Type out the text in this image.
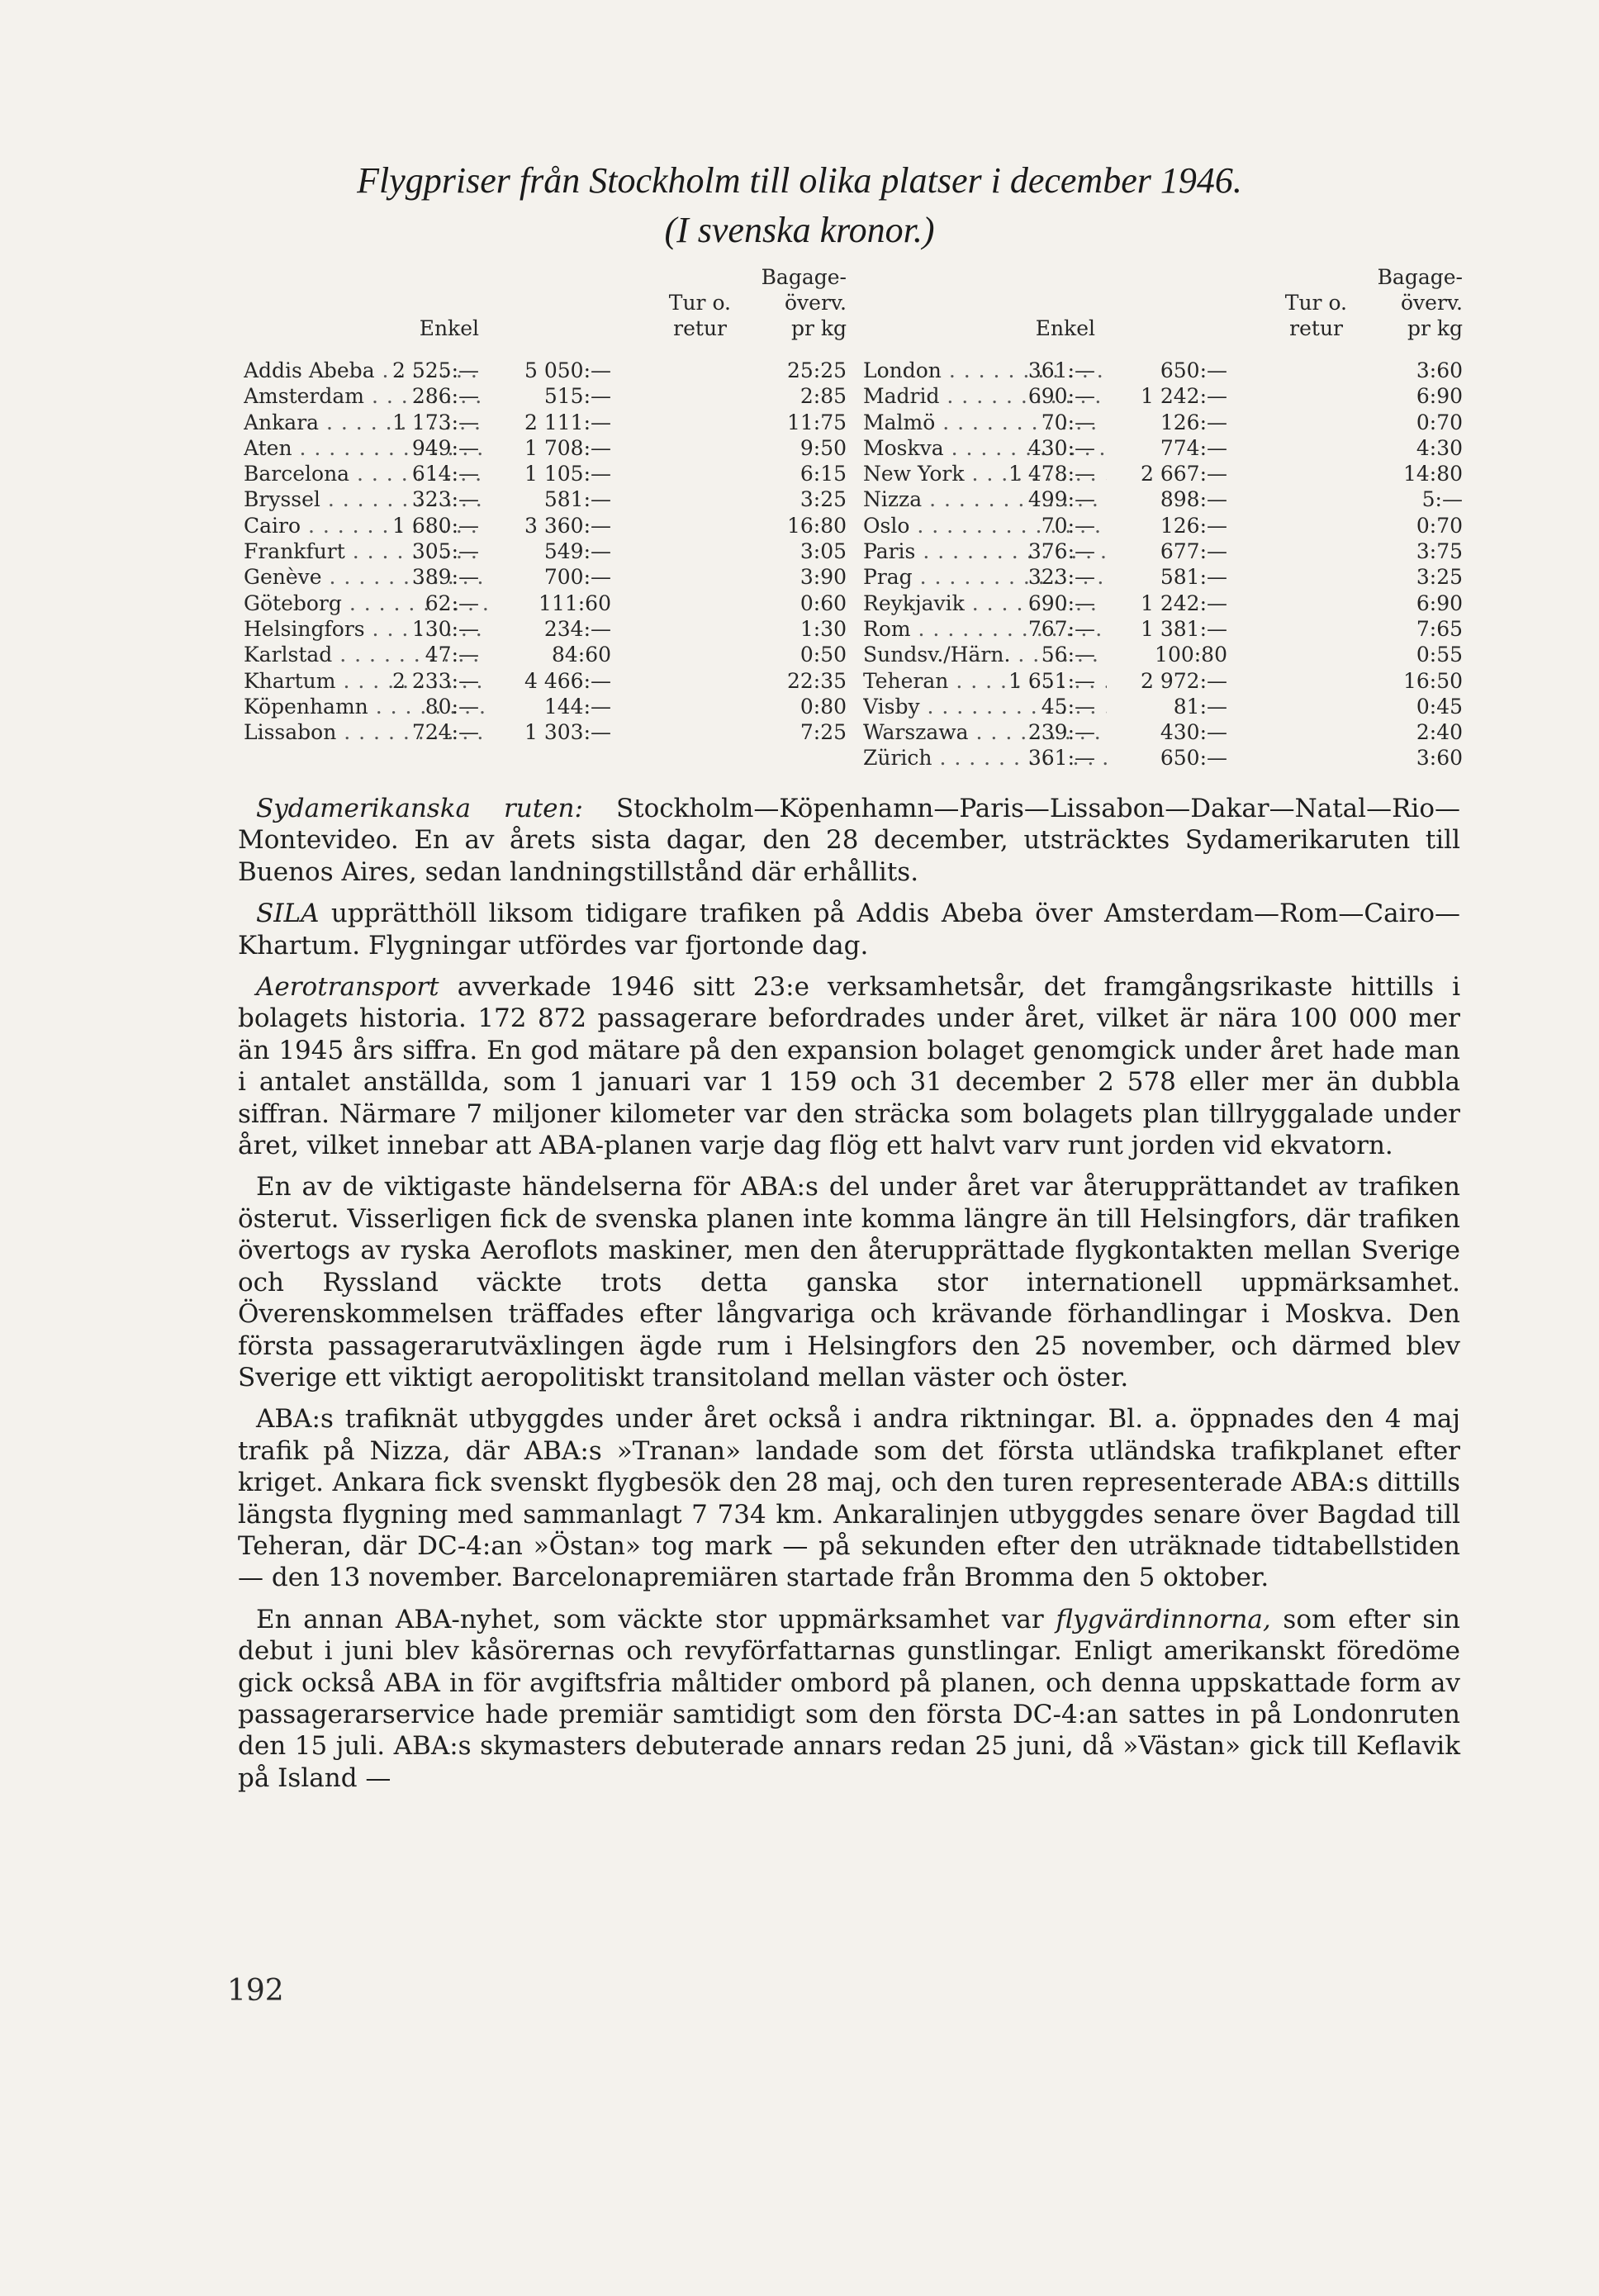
Flygpriser från Stockholm till olika platser i december 1946.
(I svenska kronor.)
Bagage-
Tur o.	överv.
Enkel	retur	pr kg
Addis Abeba . . . 2 525:— 5 050:—	25:25
Amsterdam . . .	286:—	515:—	2:85
Ankara . . .	1 173:— 2 111:—	11:75
Aten . . .	949:— 1 708:—	9:50
Barcelona . . .	614:— 1 105:—	6:15
Bryssel . . .	323:—	581:—	3:25
Cairo . . .	1 680:— 3 360:—	16:80
Frankfurt . . .	305:—	549:—	3:05
Genève . . .	389:—	700:—	3:90
Göteborg . . .	62:—	111:60	0:60
Helsingfors . . .	130:—	234:—	1:30
Karlstad . . .	47:—	84:60	0:50
Khartum . . .	2 233:— 4 466:—	22:35
Köpenhamn . . .	80:—	144:—	0:80
Lissabon . . .	724:— 1 303:—	7:25
Bagage-
Tur o.	överv.
Enkel	retur	pr kg
London . . .	361:—	650:—	3:60
Madrid . . .	690:— 1 242:—	6:90
Malmö . . .	70:—	126:—	0:70
Moskva . . .	430:—	774:—	4:30
New York . . .	1 478:— 2 667:—	14:80
Nizza . . .	499:—	898:—	5:—
Oslo . . .	70:—	126:—	0:70
Paris . . .	376:—	677:—	3:75
Prag . . .	323:—	581:—	3:25
Reykjavik . . .	690:— 1 242:—	6:90
Rom . . .	767:— 1 381:—	7:65
Sundsv./Härn. . . .	56:—	100:80	0:55
Teheran . . .	1 651:— 2 972:—	16:50
Visby . . .	45:—	81:—	0:45
Warszawa . . .	239:—	430:—	2:40
Zürich . . .	361:—	650:—	3:60

Sydamerikanska ruten: Stockholm—Köpenhamn—Paris—Lissabon—Dakar—Natal—Rio—Montevideo. En av årets sista dagar, den 28 december, utsträcktes Sydamerikaruten till Buenos Aires, sedan landningstillstånd där erhållits.

SILA upprätthöll liksom tidigare trafiken på Addis Abeba över Amsterdam—Rom—Cairo—Khartum. Flygningar utfördes var fjortonde dag.

Aerotransport avverkade 1946 sitt 23:e verksamhetsår, det framgångsrikaste hittills i bolagets historia. 172 872 passagerare befordrades under året, vilket är nära 100 000 mer än 1945 års siffra. En god mätare på den expansion bolaget genomgick under året hade man i antalet anställda, som 1 januari var 1 159 och 31 december 2 578 eller mer än dubbla siffran. Närmare 7 miljoner kilometer var den sträcka som bolagets plan tillryggalade under året, vilket innebar att ABA-planen varje dag flög ett halvt varv runt jorden vid ekvatorn.

En av de viktigaste händelserna för ABA:s del under året var återupprättandet av trafiken österut. Visserligen fick de svenska planen inte komma längre än till Helsingfors, där trafiken övertogs av ryska Aeroflots maskiner, men den återupprättade flygkontakten mellan Sverige och Ryssland väckte trots detta ganska stor internationell uppmärksamhet. Överenskommelsen träffades efter långvariga och krävande förhandlingar i Moskva. Den första passagerarutväxlingen ägde rum i Helsingfors den 25 november, och därmed blev Sverige ett viktigt aeropolitiskt transitoland mellan väster och öster.

ABA:s trafiknät utbyggdes under året också i andra riktningar. Bl. a. öppnades den 4 maj trafik på Nizza, där ABA:s »Tranan» landade som det första utländska trafikplanet efter kriget. Ankara fick svenskt flygbesök den 28 maj, och den turen representerade ABA:s dittills längsta flygning med sammanlagt 7 734 km. Ankaralinjen utbyggdes senare över Bagdad till Teheran, där DC-4:an »Östan» tog mark — på sekunden efter den uträknade tidtabellstiden — den 13 november. Barcelonapremiären startade från Bromma den 5 oktober.

En annan ABA-nyhet, som väckte stor uppmärksamhet var flygvärdinnorna, som efter sin debut i juni blev kåsörernas och revyförfattarnas gunstlingar. Enligt amerikanskt föredöme gick också ABA in för avgiftsfria måltider ombord på planen, och denna uppskattade form av passagerarservice hade premiär samtidigt som den första DC-4:an sattes in på Londonruten den 15 juli. ABA:s skymasters debuterade annars redan 25 juni, då »Västan» gick till Keflavik på Island —

192
